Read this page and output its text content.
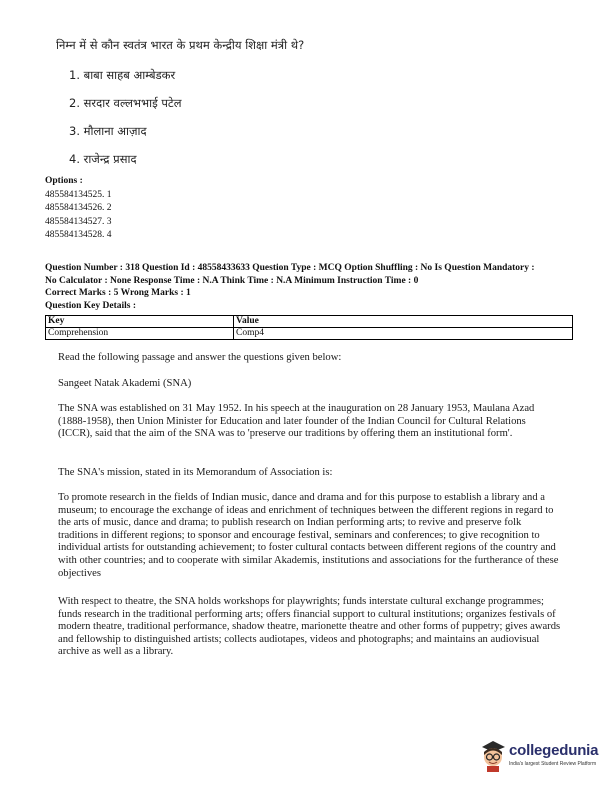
निम्न में से कौन स्वतंत्र भारत के प्रथम केन्द्रीय शिक्षा मंत्री थे?
1. बाबा साहब आम्बेडकर
2. सरदार वल्लभभाई पटेल
3. मौलाना आज़ाद
4. राजेन्द्र प्रसाद
Options :
485584134525. 1
485584134526. 2
485584134527. 3
485584134528. 4
Question Number : 318 Question Id : 48558433633 Question Type : MCQ Option Shuffling : No Is Question Mandatory :
No Calculator : None Response Time : N.A Think Time : N.A Minimum Instruction Time : 0
Correct Marks : 5 Wrong Marks : 1
Question Key Details :
Key	Value
Comprehension	Comp4
Read the following passage and answer the questions given below:
Sangeet Natak Akademi (SNA)
The SNA was established on 31 May 1952. In his speech at the inauguration on 28 January 1953, Maulana Azad (1888-1958), then Union Minister for Education and later founder of the Indian Council for Cultural Relations (ICCR), said that the aim of the SNA was to 'preserve our traditions by offering them an institutional form'.
The SNA's mission, stated in its Memorandum of Association is:
To promote research in the fields of Indian music, dance and drama and for this purpose to establish a library and a museum; to encourage the exchange of ideas and enrichment of techniques between the different regions in regard to the arts of music, dance and drama; to publish research on Indian performing arts; to revive and preserve folk traditions in different regions; to sponsor and encourage festival, seminars and conferences; to give recognition to individual artists for outstanding achievement; to foster cultural contacts between different regions of the country and with other countries; and to cooperate with similar Akademis, institutions and associations for the furtherance of these objectives
With respect to theatre, the SNA holds workshops for playwrights; funds interstate cultural exchange programmes; funds research in the traditional performing arts; offers financial support to cultural institutions; organizes festivals of modern theatre, traditional performance, shadow theatre, marionette theatre and other forms of puppetry; gives awards and fellowship to distinguished artists; collects audiotapes, videos and photographs; and maintains an audiovisual archive as well as a library.
collegedunia
India's largest Student Review Platform
